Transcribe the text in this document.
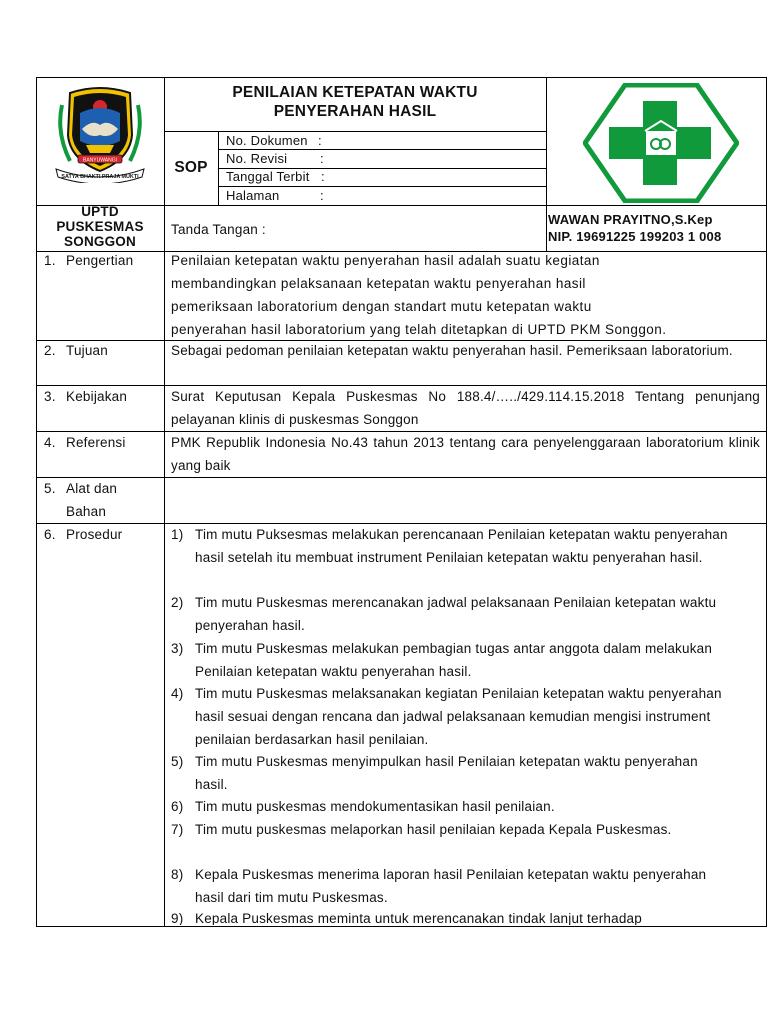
BANYUWANGI
SATYA BHAKTI PRAJA MUKTI
PENILAIAN KETEPATAN WAKTU
PENYERAHAN HASIL
SOP
No. Dokumen :
No. Revisi	:
Tanggal Terbit :
Halaman	:
UPTD
PUSKESMAS
SONGGON
Tanda Tangan :
WAWAN PRAYITNO,S.Kep
NIP. 19691225 199203 1 008
1. Pengertian	Penilaian ketepatan waktu penyerahan hasil adalah suatu kegiatan
membandingkan pelaksanaan ketepatan waktu penyerahan hasil
pemeriksaan laboratorium dengan standart mutu ketepatan waktu
penyerahan hasil laboratorium yang telah ditetapkan di UPTD PKM Songgon.
2. Tujuan	Sebagai pedoman penilaian ketepatan waktu penyerahan hasil. Pemeriksaan laboratorium.
3. Kebijakan	Surat Keputusan Kepala Puskesmas No 188.4/…../429.114.15.2018 Tentang penunjang pelayanan klinis di puskesmas Songgon
4. Referensi	PMK Republik Indonesia No.43 tahun 2013 tentang cara penyelenggaraan laboratorium klinik yang baik
5. Alat dan
Bahan
6. Prosedur	1) Tim mutu Puksesmas melakukan perencanaan Penilaian ketepatan waktu penyerahan hasil setelah itu membuat instrument Penilaian ketepatan waktu penyerahan hasil.
2) Tim mutu Puskesmas merencanakan jadwal pelaksanaan Penilaian ketepatan waktu penyerahan hasil.
3) Tim mutu Puskesmas melakukan pembagian tugas antar anggota dalam melakukan Penilaian ketepatan waktu penyerahan hasil.
4) Tim mutu Puskesmas melaksanakan kegiatan Penilaian ketepatan waktu penyerahan hasil sesuai dengan rencana dan jadwal pelaksanaan kemudian mengisi instrument penilaian berdasarkan hasil penilaian.
5) Tim mutu Puskesmas menyimpulkan hasil Penilaian ketepatan waktu penyerahan hasil.
6) Tim mutu puskesmas mendokumentasikan hasil penilaian.
7) Tim mutu puskesmas melaporkan hasil penilaian kepada Kepala Puskesmas.
8) Kepala Puskesmas menerima laporan hasil Penilaian ketepatan waktu penyerahan hasil dari tim mutu Puskesmas.
9) Kepala Puskesmas meminta untuk merencanakan tindak lanjut terhadap
